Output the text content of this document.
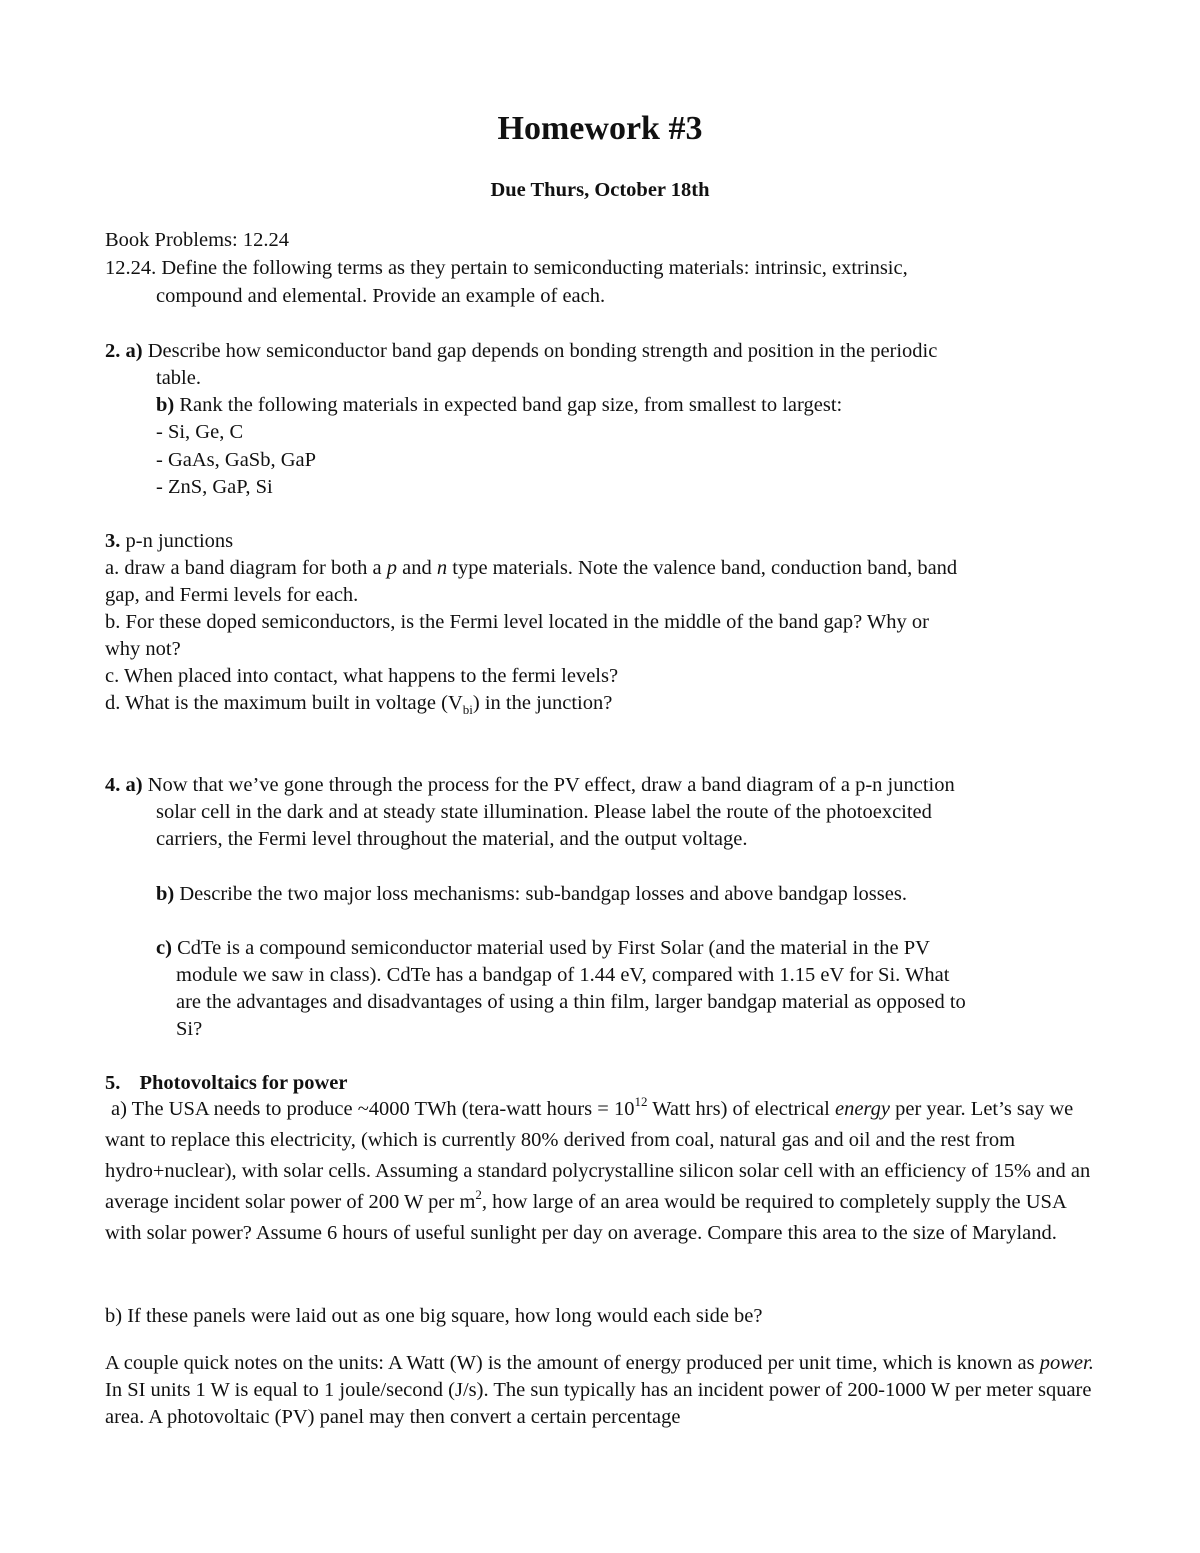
Homework #3
Due Thurs, October 18th
Book Problems: 12.24
12.24. Define the following terms as they pertain to semiconducting materials: intrinsic, extrinsic,
compound and elemental. Provide an example of each.
2. a) Describe how semiconductor band gap depends on bonding strength and position in the periodic
table.
b) Rank the following materials in expected band gap size, from smallest to largest:
- Si, Ge, C
- GaAs, GaSb, GaP
- ZnS, GaP, Si
3. p-n junctions
a. draw a band diagram for both a p and n type materials. Note the valence band, conduction band, band
gap, and Fermi levels for each.
b. For these doped semiconductors, is the Fermi level located in the middle of the band gap? Why or
why not?
c. When placed into contact, what happens to the fermi levels?
d. What is the maximum built in voltage $(V_{bi})$ in the junction?
4. a) Now that we’ve gone through the process for the PV effect, draw a band diagram of a p-n junction
solar cell in the dark and at steady state illumination. Please label the route of the photoexcited
carriers, the Fermi level throughout the material, and the output voltage.
b) Describe the two major loss mechanisms: sub-bandgap losses and above bandgap losses.
c) CdTe is a compound semiconductor material used by First Solar (and the material in the PV
module we saw in class). CdTe has a bandgap of 1.44 eV, compared with 1.15 eV for Si. What
are the advantages and disadvantages of using a thin film, larger bandgap material as opposed to
Si?
5. Photovoltaics for power
a) The USA needs to produce ~4000 TWh (tera-watt hours = $10^{12}$ Watt hrs) of electrical energy per year. Let’s say we want to replace this electricity, (which is currently 80% derived from coal, natural gas and oil and the rest from hydro+nuclear), with solar cells. Assuming a standard polycrystalline silicon solar cell with an efficiency of 15% and an average incident solar power of 200 W per $m^2$, how large of an area would be required to completely supply the USA with solar power? Assume 6 hours of useful sunlight per day on average. Compare this area to the size of Maryland.
b) If these panels were laid out as one big square, how long would each side be?
A couple quick notes on the units: A Watt (W) is the amount of energy produced per unit time, which is known as power. In SI units 1 W is equal to 1 joule/second (J/s). The sun typically has an incident power of 200-1000 W per meter square area. A photovoltaic (PV) panel may then convert a certain percentage
